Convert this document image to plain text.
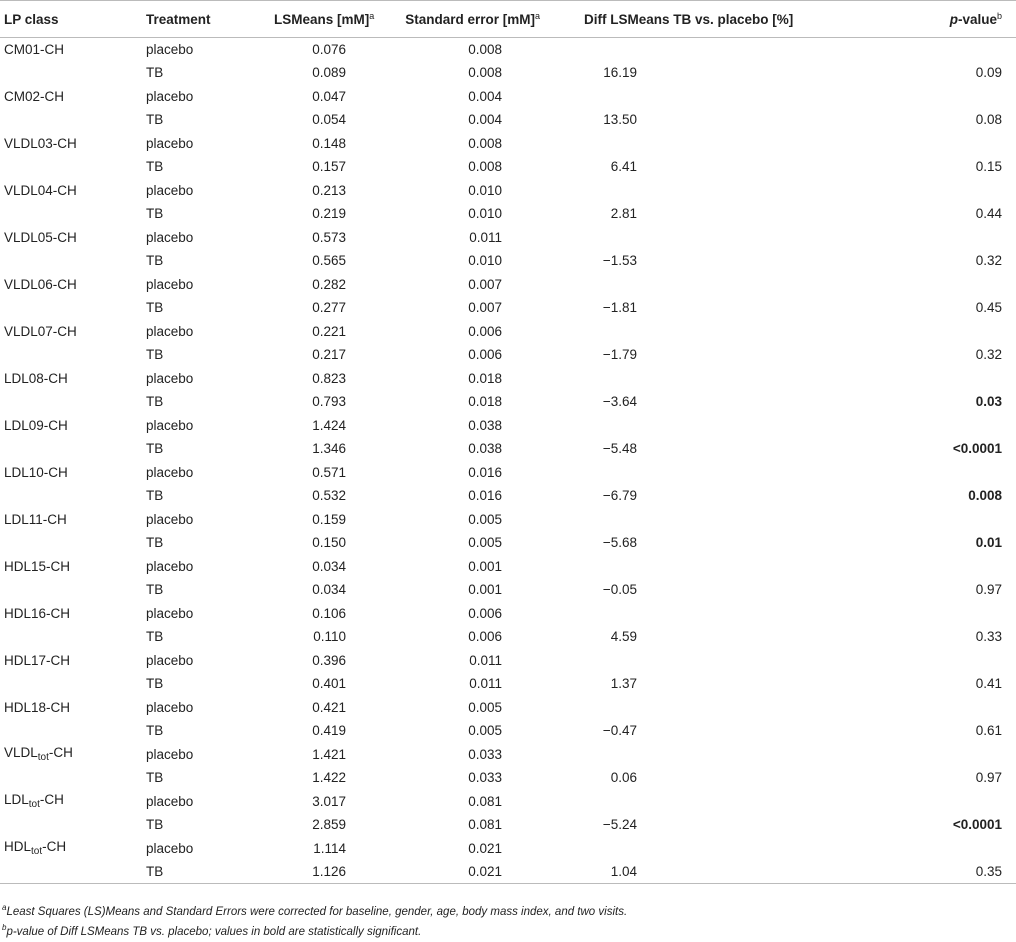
LP class	Treatment	LSMeans [mM]$^a$	Standard error [mM]$^a$	Diff LSMeans TB vs. placebo [%]	p-value$^b$
CM01-CH	placebo	0.076	0.008		
	TB	0.089	0.008	16.19	0.09
CM02-CH	placebo	0.047	0.004		
	TB	0.054	0.004	13.50	0.08
VLDL03-CH	placebo	0.148	0.008		
	TB	0.157	0.008	6.41	0.15
VLDL04-CH	placebo	0.213	0.010		
	TB	0.219	0.010	2.81	0.44
VLDL05-CH	placebo	0.573	0.011		
	TB	0.565	0.010	−1.53	0.32
VLDL06-CH	placebo	0.282	0.007		
	TB	0.277	0.007	−1.81	0.45
VLDL07-CH	placebo	0.221	0.006		
	TB	0.217	0.006	−1.79	0.32
LDL08-CH	placebo	0.823	0.018		
	TB	0.793	0.018	−3.64	0.03
LDL09-CH	placebo	1.424	0.038		
	TB	1.346	0.038	−5.48	<0.0001
LDL10-CH	placebo	0.571	0.016		
	TB	0.532	0.016	−6.79	0.008
LDL11-CH	placebo	0.159	0.005		
	TB	0.150	0.005	−5.68	0.01
HDL15-CH	placebo	0.034	0.001		
	TB	0.034	0.001	−0.05	0.97
HDL16-CH	placebo	0.106	0.006		
	TB	0.110	0.006	4.59	0.33
HDL17-CH	placebo	0.396	0.011		
	TB	0.401	0.011	1.37	0.41
HDL18-CH	placebo	0.421	0.005		
	TB	0.419	0.005	−0.47	0.61
$VLDL_{tot}-CH$	placebo	1.421	0.033		
	TB	1.422	0.033	0.06	0.97
$LDL_{tot}-CH$	placebo	3.017	0.081		
	TB	2.859	0.081	−5.24	<0.0001
$HDL_{tot}-CH$	placebo	1.114	0.021		
	TB	1.126	0.021	1.04	0.35
$^a$Least Squares (LS)Means and Standard Errors were corrected for baseline, gender, age, body mass index, and two visits.
$^b$p-value of Diff LSMeans TB vs. placebo; values in bold are statistically significant.
